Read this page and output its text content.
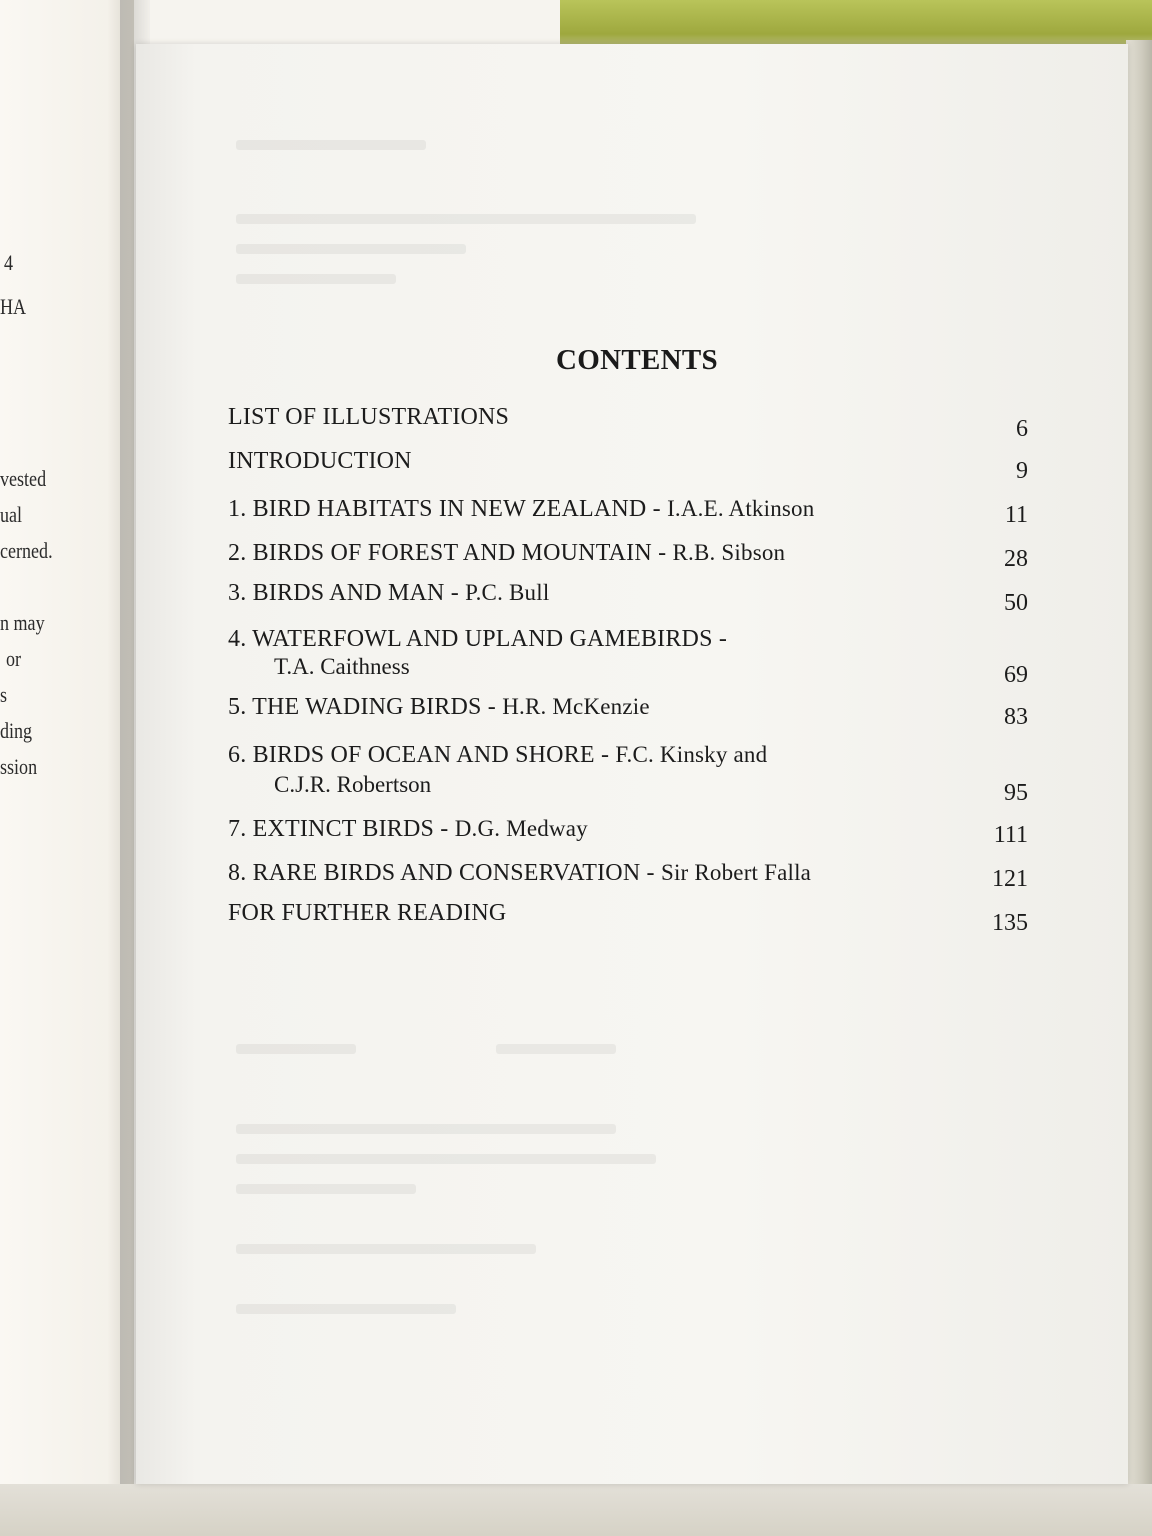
4
HA
vested
ual
cerned.
n may
or
s
ding
ssion
CONTENTS
LIST OF ILLUSTRATIONS	6
INTRODUCTION	9
1. BIRD HABITATS IN NEW ZEALAND - I.A.E. Atkinson	11
2. BIRDS OF FOREST AND MOUNTAIN - R.B. Sibson	28
3. BIRDS AND MAN - P.C. Bull	50
4. WATERFOWL AND UPLAND GAMEBIRDS -
T.A. Caithness	69
5. THE WADING BIRDS - H.R. McKenzie	83
6. BIRDS OF OCEAN AND SHORE - F.C. Kinsky and
C.J.R. Robertson	95
7. EXTINCT BIRDS - D.G. Medway	111
8. RARE BIRDS AND CONSERVATION - Sir Robert Falla	121
FOR FURTHER READING	135
